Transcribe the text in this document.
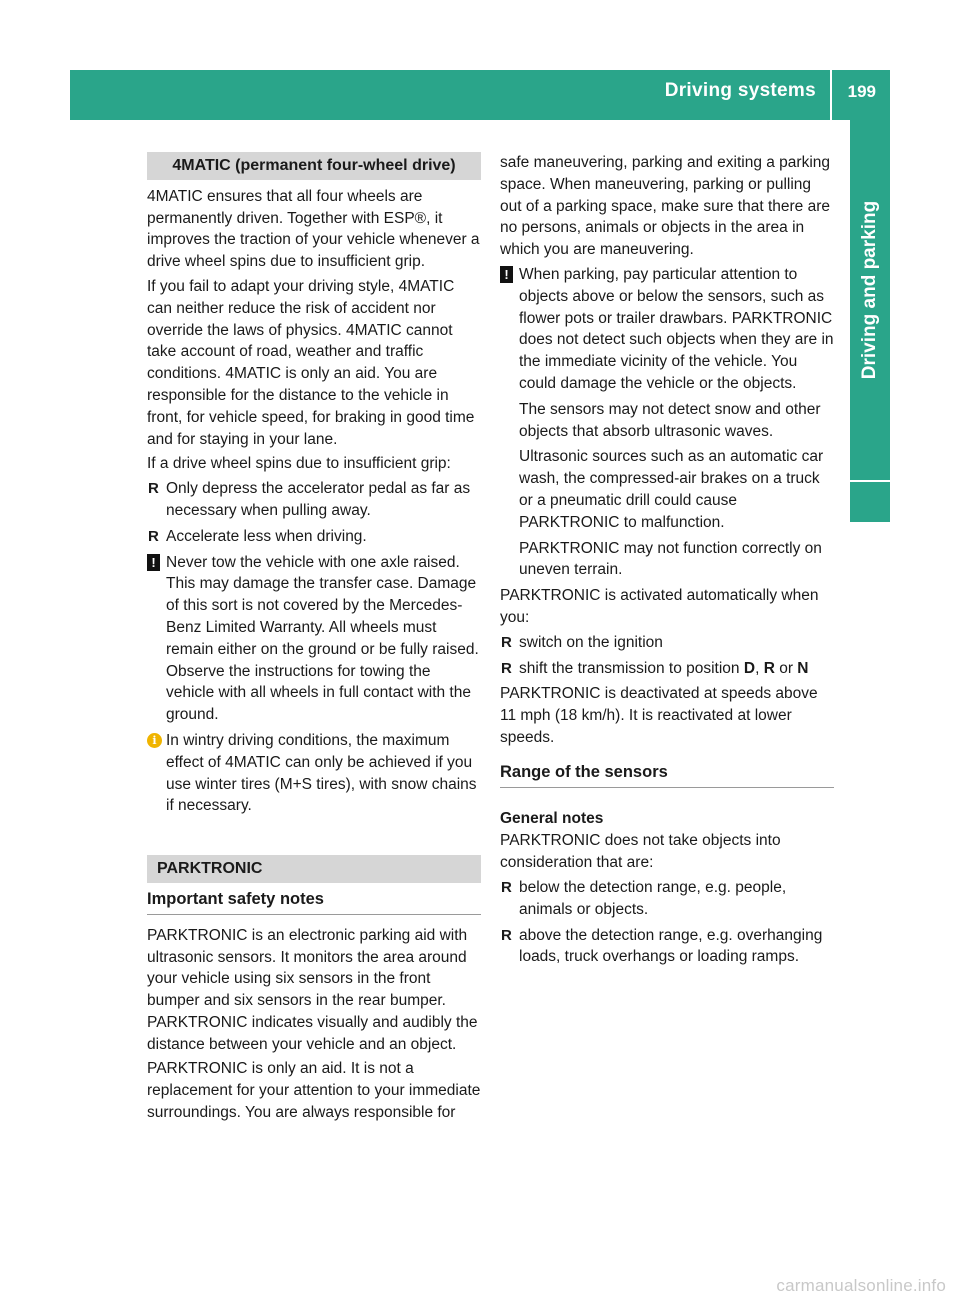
Driving systems 199
Driving and parking
4MATIC (permanent four-wheel drive)

4MATIC ensures that all four wheels are permanently driven. Together with ESP®, it improves the traction of your vehicle whenever a drive wheel spins due to insufficient grip.

If you fail to adapt your driving style, 4MATIC can neither reduce the risk of accident nor override the laws of physics. 4MATIC cannot take account of road, weather and traffic conditions. 4MATIC is only an aid. You are responsible for the distance to the vehicle in front, for vehicle speed, for braking in good time and for staying in your lane.

If a drive wheel spins due to insufficient grip:

R Only depress the accelerator pedal as far as necessary when pulling away.
R Accelerate less when driving.
! Never tow the vehicle with one axle raised. This may damage the transfer case. Damage of this sort is not covered by the Mercedes-Benz Limited Warranty. All wheels must remain either on the ground or be fully raised. Observe the instructions for towing the vehicle with all wheels in full contact with the ground.

i In wintry driving conditions, the maximum effect of 4MATIC can only be achieved if you use winter tires (M+S tires), with snow chains if necessary.

PARKTRONIC
Important safety notes

PARKTRONIC is an electronic parking aid with ultrasonic sensors. It monitors the area around your vehicle using six sensors in the front bumper and six sensors in the rear bumper. PARKTRONIC indicates visually and audibly the distance between your vehicle and an object.

PARKTRONIC is only an aid. It is not a replacement for your attention to your immediate surroundings. You are always responsible for

safe maneuvering, parking and exiting a parking space. When maneuvering, parking or pulling out of a parking space, make sure that there are no persons, animals or objects in the area in which you are maneuvering.

! When parking, pay particular attention to objects above or below the sensors, such as flower pots or trailer drawbars. PARKTRONIC does not detect such objects when they are in the immediate vicinity of the vehicle. You could damage the vehicle or the objects.

The sensors may not detect snow and other objects that absorb ultrasonic waves.

Ultrasonic sources such as an automatic car wash, the compressed-air brakes on a truck or a pneumatic drill could cause PARKTRONIC to malfunction.

PARKTRONIC may not function correctly on uneven terrain.

PARKTRONIC is activated automatically when you:

R switch on the ignition
R shift the transmission to position D, R or N

PARKTRONIC is deactivated at speeds above 11 mph (18 km/h). It is reactivated at lower speeds.

Range of the sensors
General notes

PARKTRONIC does not take objects into consideration that are:

R below the detection range, e.g. people, animals or objects.
R above the detection range, e.g. overhanging loads, truck overhangs or loading ramps.
carmanualsonline.info
